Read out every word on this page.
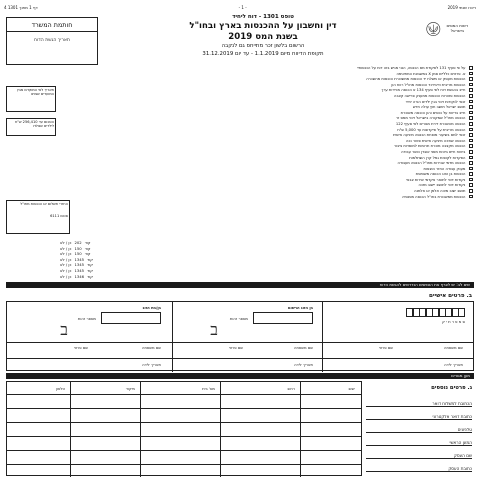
ריכוז שנתי 2019
- 1 -
דף 1 מתוך 4 1301
חותמת המשרד
תאריך הגשת הדוח
טופס 1301 - דוח ליחיד
דין וחשבון על ההכנסות בארץ ובחו"ל
בשנת המס 2019
הרשום בלשון זכר מתייחס גם לנקבה
תקופת הדיווח מיום 1.1.2019 - עד יום 31.12.2019
רשות המסים בישראל
תאריך לפי המוקדם מבין
המועדים שצוינו
הסכום עד 256,410 ש"ח
לילדים שנולדו
על פי סעיף 131 לפקודת מס הכנסה, הנני מגיש בזה דוח על הכנסותיי
א. פרטים כלליים סמן X במשבצת המתאימה
הכנסות מעסק או משלח יד הכנסות ממשכורת הכנסות מהשכרה
הכנסות מריבית ודיבידנד הכנסות מחו"ל רווח הון
חייב בהגשת דוח לפי סעיף 134 א הכנסה מניירות ערך
הכנסות פטורות הכנסות ממענק פרישה קצבה
זכאי לנקודות זיכוי בגין ילדים הורה יחיד
תושב ישראל תושב חוץ עולה חדש
חייב בדיווח על נכסים והון הכנסה משוכרת
הכנסה מחו"ל שמקורה בישראל זיכוי ממס זר
הכנסה מהשכרת דירת מגורים לפי סעיף 122
הכנסה מריבית על פיקדונות עד 5,000 ש"ח
זכאי למס בשיעור מופחת הכנסה מיגיעה אישית
הכנסה שאינה מיגיעה אישית פטור נכה
הכנסה מקצבה מוכרת תרומות למוסדות ציבור
ביטוח חיים ביטוח מפני אובדן כושר עבודה
הפקדות לקופות גמל קרן השתלמות
הכנסה מדמי שכירות מחו"ל הכנסה מעבודה
מענק עבודה החזר הוצאות
הכנסות בן הזוג הכנסה משותפת
נקודות זיכוי לתואר אקדמי שירות צבאי
נקודות זיכוי לתושב יישוב מזכה
תושב ישוב מזכה אלמן או אלמנה
הכנסות ממשכורת בחו"ל הכנסה מפנסיה
החזרי תשלום או הכנסות מחו"ל
סכום 6111
קוד
202
כן / לא
קוד
150
כן / לא
קוד
150
כן / לא
קוד
1345
כן / לא
קוד
1345
כן / לא
קוד
1345
כן / לא
קוד
1346
כן / לא
שים לב: יש לצרף את הטפסים הנדרשים להגשת הדוח
ב. פרטים אישיים
ס מ פ ר ת י ק
בן הזוג הרשום
בן/בת הזוג
מספר זהות
מספר זהות
ב
ב
שם משפחה
שם פרטי
שם משפחה
שם פרטי
שם משפחה
שם פרטי
תאריך לידה
תאריך לידה
תאריך לידה
מען מגורים
ישוב
רחוב
מס' בית
מיקוד
טלפון	ג. פרטים נוספים
הכתובת למשלוח דואר
כתובת דואר אלקטרוני
טלפונים
המען הראשי
שם העסק
כתובת העסק
